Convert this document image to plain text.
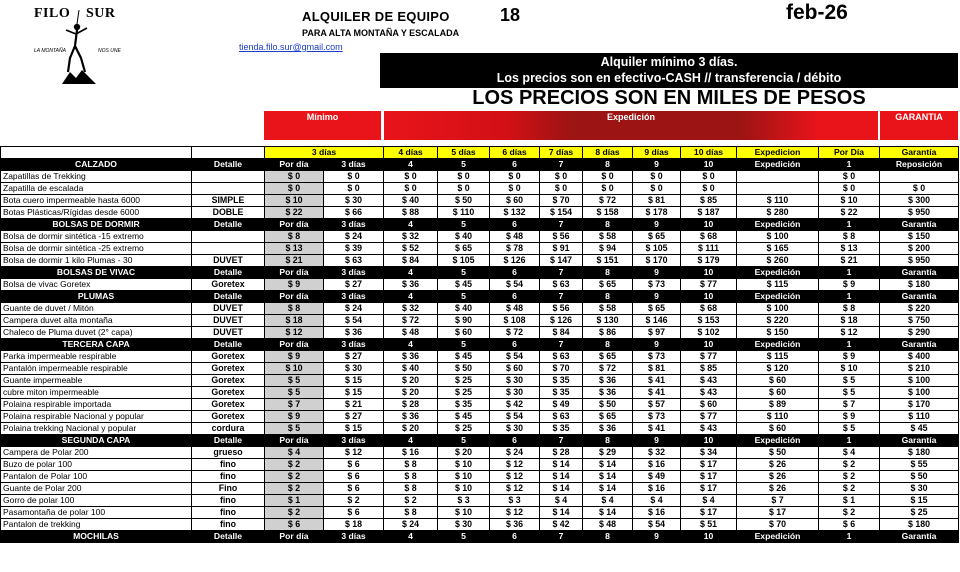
FILO SUR
LA MONTAÑA	NOS UNE
ALQUILER DE EQUIPO	18	feb-26
PARA ALTA MONTAÑA Y ESCALADA
tienda.filo.sur@gmail.com
Alquiler mínimo 3 días.
Los precios son en efectivo-CASH // transferencia / débito
LOS PRECIOS SON EN MILES DE PESOS
Mínimo	Expedición	GARANTIA
		3 días		4 días	5 días	6 días	7 días	8 días	9 días	10 días	Expedicion	Por Día	Garantía
CALZADO	Detalle	Por día	3 días	4	5	6	7	8	9	10	Expedición	1	Reposición
Zapatillas de Trekking		$ 0	$ 0	$ 0	$ 0	$ 0	$ 0	$ 0	$ 0	$ 0		$ 0	
Zapatilla de escalada		$ 0	$ 0	$ 0	$ 0	$ 0	$ 0	$ 0	$ 0	$ 0		$ 0	$ 0
Bota cuero impermeable hasta 6000	SIMPLE	$ 10	$ 30	$ 40	$ 50	$ 60	$ 70	$ 72	$ 81	$ 85	$ 110	$ 10	$ 300
Botas Plásticas/Rígidas desde 6000	DOBLE	$ 22	$ 66	$ 88	$ 110	$ 132	$ 154	$ 158	$ 178	$ 187	$ 280	$ 22	$ 950
BOLSAS DE DORMIR	Detalle	Por día	3 días	4	5	6	7	8	9	10	Expedición	1	Garantía
Bolsa de dormir sintética -15 extremo		$ 8	$ 24	$ 32	$ 40	$ 48	$ 56	$ 58	$ 65	$ 68	$ 100	$ 8	$ 150
Bolsa de dormir sintética -25 extremo		$ 13	$ 39	$ 52	$ 65	$ 78	$ 91	$ 94	$ 105	$ 111	$ 165	$ 13	$ 200
Bolsa de dormir 1 kilo Plumas - 30	DUVET	$ 21	$ 63	$ 84	$ 105	$ 126	$ 147	$ 151	$ 170	$ 179	$ 260	$ 21	$ 950
BOLSAS DE VIVAC	Detalle	Por día	3 días	4	5	6	7	8	9	10	Expedición	1	Garantía
Bolsa de vivac Goretex	Goretex	$ 9	$ 27	$ 36	$ 45	$ 54	$ 63	$ 65	$ 73	$ 77	$ 115	$ 9	$ 180
PLUMAS	Detalle	Por día	3 días	4	5	6	7	8	9	10	Expedición	1	Garantía
Guante de duvet / Mitón	DUVET	$ 8	$ 24	$ 32	$ 40	$ 48	$ 56	$ 58	$ 65	$ 68	$ 100	$ 8	$ 220
Campera duvet alta montaña	DUVET	$ 18	$ 54	$ 72	$ 90	$ 108	$ 126	$ 130	$ 146	$ 153	$ 220	$ 18	$ 750
Chaleco de Pluma duvet (2° capa)	DUVET	$ 12	$ 36	$ 48	$ 60	$ 72	$ 84	$ 86	$ 97	$ 102	$ 150	$ 12	$ 290
TERCERA CAPA	Detalle	Por día	3 días	4	5	6	7	8	9	10	Expedición	1	Garantía
Parka impermeable respirable	Goretex	$ 9	$ 27	$ 36	$ 45	$ 54	$ 63	$ 65	$ 73	$ 77	$ 115	$ 9	$ 400
Pantalón impermeable respirable	Goretex	$ 10	$ 30	$ 40	$ 50	$ 60	$ 70	$ 72	$ 81	$ 85	$ 120	$ 10	$ 210
Guante impermeable	Goretex	$ 5	$ 15	$ 20	$ 25	$ 30	$ 35	$ 36	$ 41	$ 43	$ 60	$ 5	$ 100
cubre miton impermeable	Goretex	$ 5	$ 15	$ 20	$ 25	$ 30	$ 35	$ 36	$ 41	$ 43	$ 60	$ 5	$ 100
Polaina respirable importada	Goretex	$ 7	$ 21	$ 28	$ 35	$ 42	$ 49	$ 50	$ 57	$ 60	$ 89	$ 7	$ 170
Polaina respirable Nacional y popular	Goretex	$ 9	$ 27	$ 36	$ 45	$ 54	$ 63	$ 65	$ 73	$ 77	$ 110	$ 9	$ 110
Polaina trekking Nacional y popular	cordura	$ 5	$ 15	$ 20	$ 25	$ 30	$ 35	$ 36	$ 41	$ 43	$ 60	$ 5	$ 45
SEGUNDA CAPA	Detalle	Por día	3 días	4	5	6	7	8	9	10	Expedición	1	Garantía
Campera de Polar 200	grueso	$ 4	$ 12	$ 16	$ 20	$ 24	$ 28	$ 29	$ 32	$ 34	$ 50	$ 4	$ 180
Buzo de polar 100	fino	$ 2	$ 6	$ 8	$ 10	$ 12	$ 14	$ 14	$ 16	$ 17	$ 26	$ 2	$ 55
Pantalon de Polar 100	fino	$ 2	$ 6	$ 8	$ 10	$ 12	$ 14	$ 14	$ 49	$ 17	$ 26	$ 2	$ 50
Guante de Polar 200	Fino	$ 2	$ 6	$ 8	$ 10	$ 12	$ 14	$ 14	$ 16	$ 17	$ 26	$ 2	$ 30
Gorro de polar 100	fino	$ 1	$ 2	$ 2	$ 3	$ 3	$ 4	$ 4	$ 4	$ 4	$ 7	$ 1	$ 15
Pasamontaña de polar 100	fino	$ 2	$ 6	$ 8	$ 10	$ 12	$ 14	$ 14	$ 16	$ 17	$ 17	$ 2	$ 25
Pantalon de trekking	fino	$ 6	$ 18	$ 24	$ 30	$ 36	$ 42	$ 48	$ 54	$ 51	$ 70	$ 6	$ 180
MOCHILAS	Detalle	Por día	3 días	4	5	6	7	8	9	10	Expedición	1	Garantía
